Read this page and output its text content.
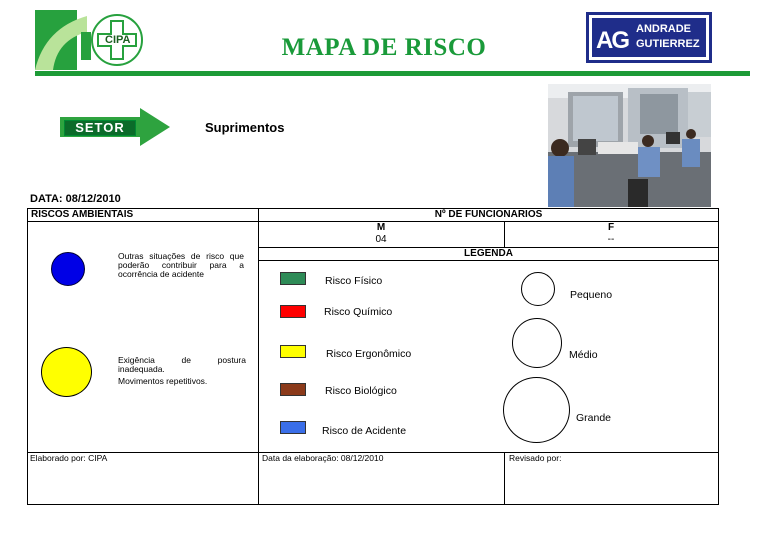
CIPA	MAPA DE RISCO	AG ANDRADE
GUTIERREZ
SETOR	Suprimentos
DATA: 08/12/2010
RISCOS AMBIENTAIS	Nº DE FUNCIONARIOS
M
04
F
--
LEGENDA
Outras situações de risco que poderão contribuir para a ocorrência de acidente
Exigência de postura inadequada.
Movimentos repetitivos.
Risco Físico
Risco Químico
Risco Ergonômico
Risco Biológico
Risco de Acidente
Pequeno
Médio
Grande
Elaborado por: CIPA	Data da elaboração: 08/12/2010	Revisado por:
